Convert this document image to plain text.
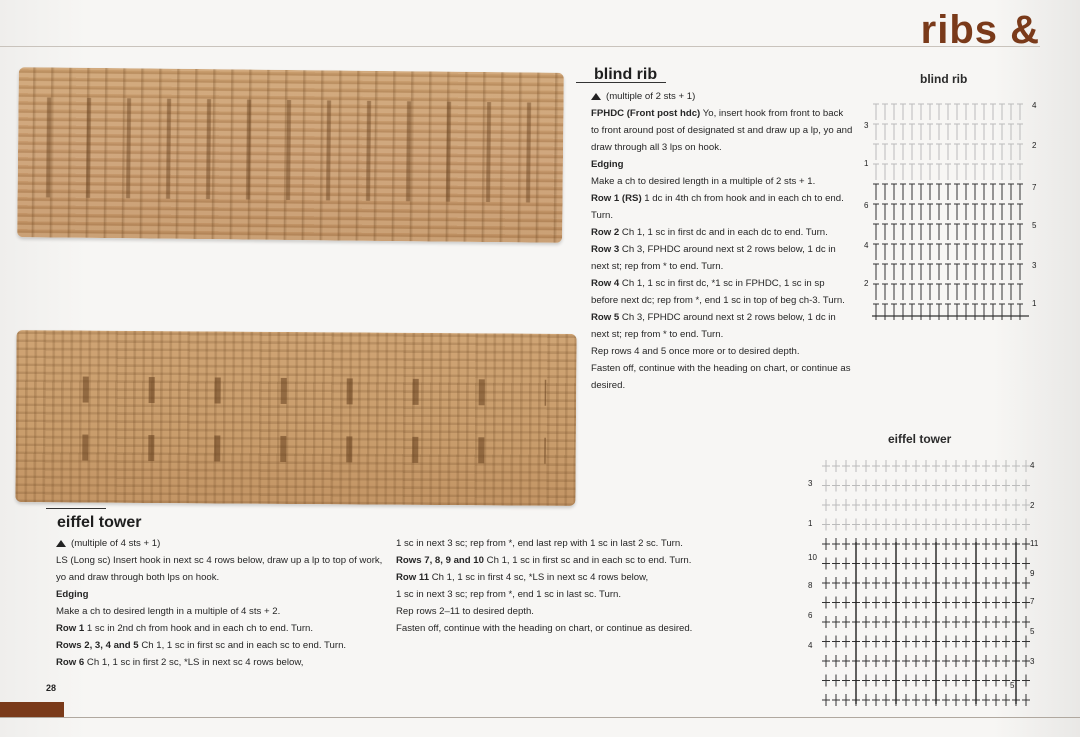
ribs &
blind rib

(multiple of 2 sts + 1)

FPHDC (Front post hdc) Yo, insert hook from front to back to front around post of designated st and draw up a lp, yo and draw through all 3 lps on hook.

Edging

Make a ch to desired length in a multiple of 2 sts + 1.

Row 1 (RS) 1 dc in 4th ch from hook and in each ch to end. Turn.

Row 2 Ch 1, 1 sc in first dc and in each dc to end. Turn.

Row 3 Ch 3, FPHDC around next st 2 rows below, 1 dc in next st; rep from * to end. Turn.

Row 4 Ch 1, 1 sc in first dc, *1 sc in FPHDC, 1 sc in sp before next dc; rep from *, end 1 sc in top of beg ch-3. Turn.

Row 5 Ch 3, FPHDC around next st 2 rows below, 1 dc in next st; rep from * to end. Turn.

Rep rows 4 and 5 once more or to desired depth.

Fasten off, continue with the heading on chart, or continue as desired.

blind rib
4
2
7
5
3
1
3
1
6
4
2
eiffel tower

(multiple of 4 sts + 1)

LS (Long sc) Insert hook in next sc 4 rows below, draw up a lp to top of work, yo and draw through both lps on hook.

Edging

Make a ch to desired length in a multiple of 4 sts + 2.

Row 1 1 sc in 2nd ch from hook and in each ch to end. Turn.

Rows 2, 3, 4 and 5 Ch 1, 1 sc in first sc and in each sc to end. Turn.

Row 6 Ch 1, 1 sc in first 2 sc, *LS in next sc 4 rows below,

1 sc in next 3 sc; rep from *, end last rep with 1 sc in last 2 sc. Turn.

Rows 7, 8, 9 and 10 Ch 1, 1 sc in first sc and in each sc to end. Turn.

Row 11 Ch 1, 1 sc in first 4 sc, *LS in next sc 4 rows below,

1 sc in next 3 sc; rep from *, end 1 sc in last sc. Turn.

Rep rows 2–11 to desired depth.

Fasten off, continue with the heading on chart, or continue as desired.

eiffel tower
4
2
11
9
7
5
3
3
1
10
8
6
4
5
28
